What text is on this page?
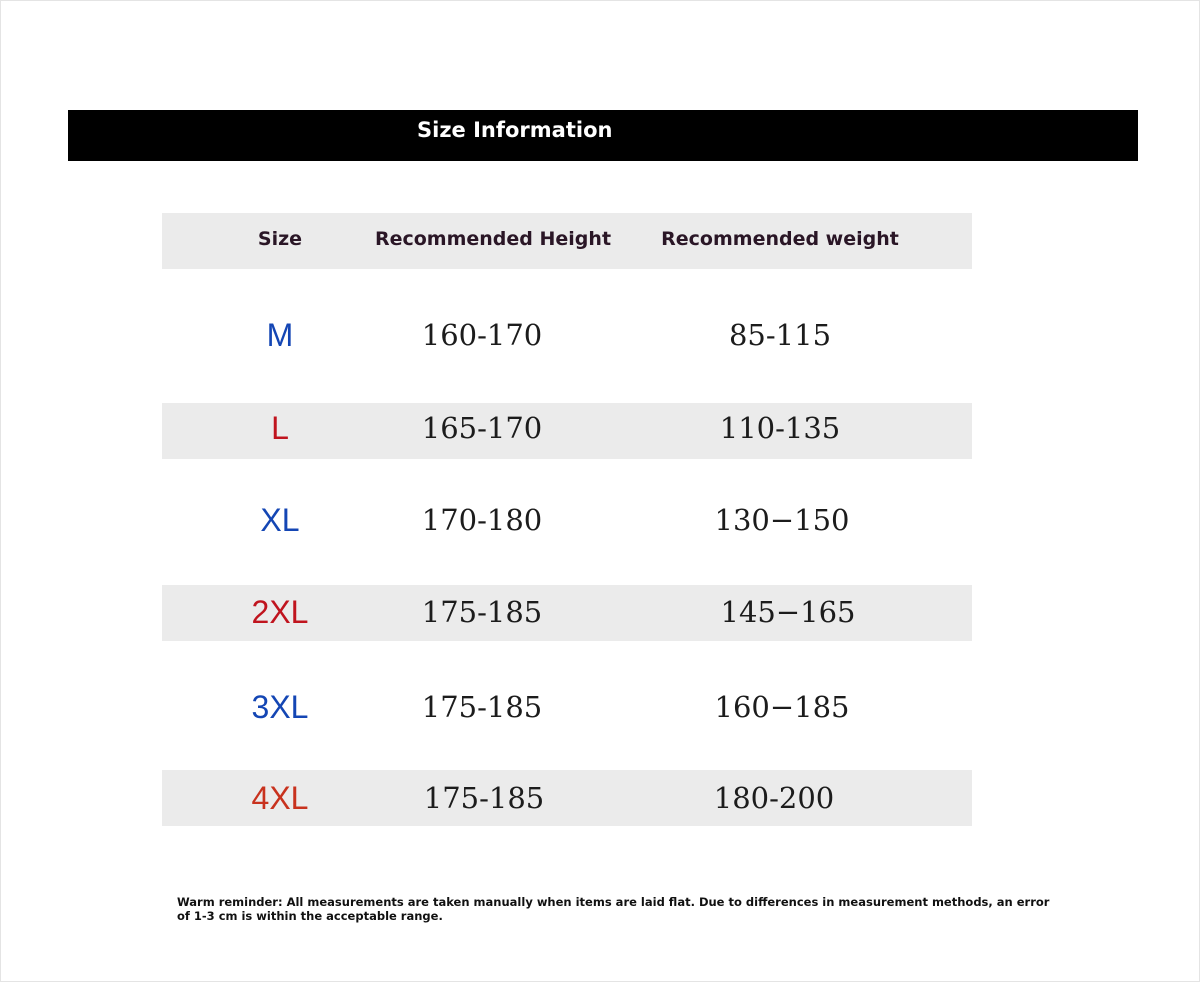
Size Information
Size	Recommended Height	Recommended weight
M	160-170	85-115
L	165-170	110-135
XL	170-180	130−150
2XL	175-185	145−165
3XL	175-185	160−185
4XL	175-185	180-200
Warm reminder: All measurements are taken manually when items are laid flat. Due to differences in measurement methods, an error of 1-3 cm is within the acceptable range.
